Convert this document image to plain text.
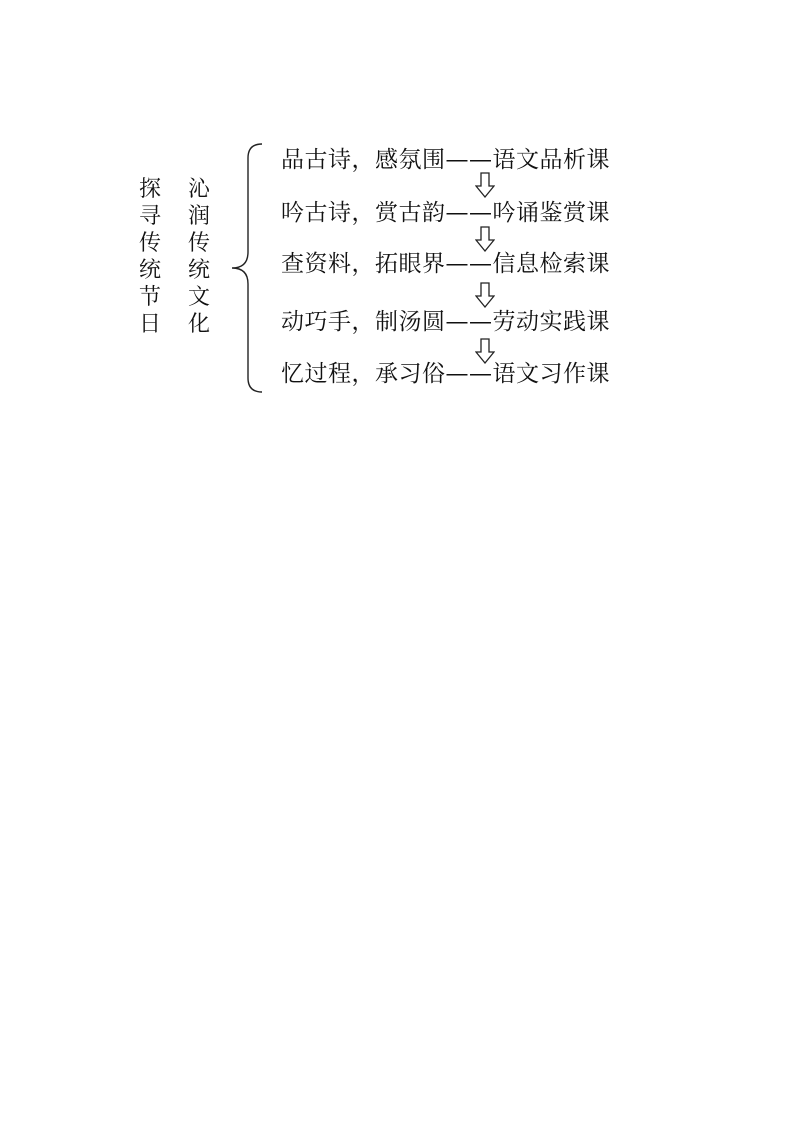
探
寻
传
统
节
日
沁
润
传
统
文
化
品古诗，感氛围——语文品析课
吟古诗，赏古韵——吟诵鉴赏课
查资料，拓眼界——信息检索课
动巧手，制汤圆——劳动实践课
忆过程，承习俗——语文习作课
